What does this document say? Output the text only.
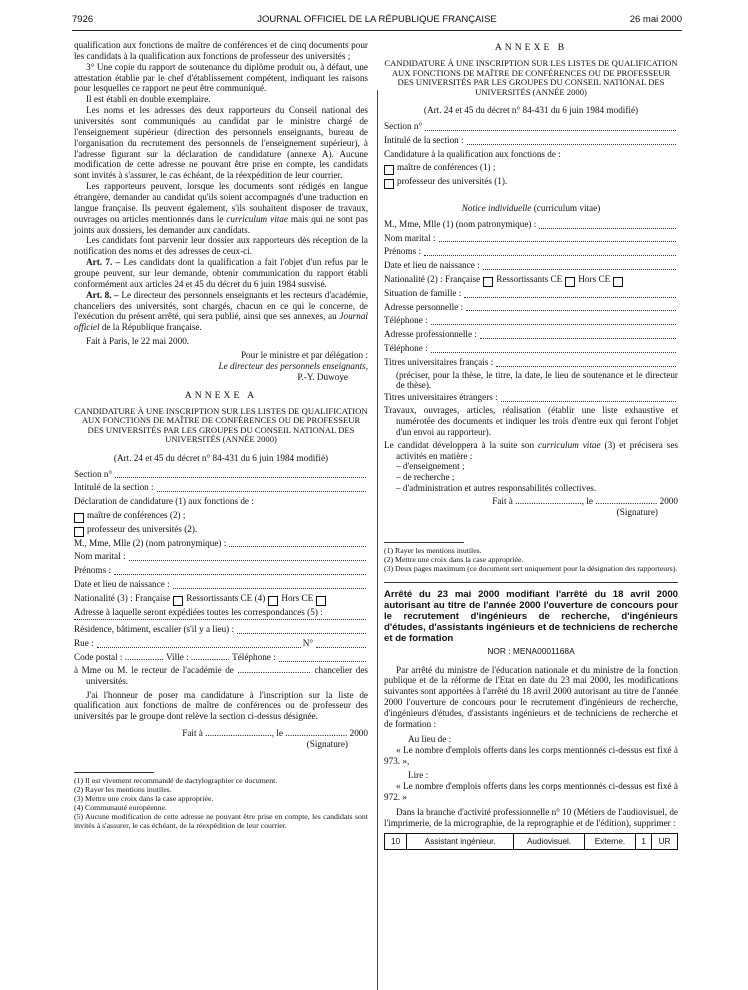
7926	JOURNAL OFFICIEL DE LA RÉPUBLIQUE FRANÇAISE	26 mai 2000

qualification aux fonctions de maître de conférences et de cinq documents pour les candidats à la qualification aux fonctions de professeur des universités ;

3° Une copie du rapport de soutenance du diplôme produit ou, à défaut, une attestation établie par le chef d'établissement compétent, indiquant les raisons pour lesquelles ce rapport ne peut être communiqué.

Il est établi en double exemplaire.

Les noms et les adresses des deux rapporteurs du Conseil national des universités sont communiqués au candidat par le ministre chargé de l'enseignement supérieur (direction des personnels enseignants, bureau de l'organisation du recrutement des personnels de l'enseignement supérieur), à l'adresse figurant sur la déclaration de candidature (annexe A). Aucune modification de cette adresse ne pouvant être prise en compte, les candidats sont invités à s'assurer, le cas échéant, de la réexpédition de leur courrier.

Les rapporteurs peuvent, lorsque les documents sont rédigés en langue étrangère, demander au candidat qu'ils soient accompagnés d'une traduction en langue française. Ils peuvent également, s'ils souhaitent disposer de travaux, ouvrages ou articles mentionnés dans le curriculum vitae mais qui ne sont pas joints aux dossiers, les demander aux candidats.

Les candidats font parvenir leur dossier aux rapporteurs dès réception de la notification des noms et des adresses de ceux-ci.

Art. 7. – Les candidats dont la qualification a fait l'objet d'un refus par le groupe peuvent, sur leur demande, obtenir communication du rapport établi conformément aux articles 24 et 45 du décret du 6 juin 1984 susvisé.

Art. 8. – Le directeur des personnels enseignants et les recteurs d'académie, chanceliers des universités, sont chargés, chacun en ce qui le concerne, de l'exécution du présent arrêté, qui sera publié, ainsi que ses annexes, au Journal officiel de la République française.

Fait à Paris, le 22 mai 2000.

Pour le ministre et par délégation :

Le directeur des personnels enseignants,

P.-Y. Duwoye

ANNEXE A
CANDIDATURE À UNE INSCRIPTION SUR LES LISTES DE QUALIFICATION AUX FONCTIONS DE MAÎTRE DE CONFÉRENCES OU DE PROFESSEUR DES UNIVERSITÉS PAR LES GROUPES DU CONSEIL NATIONAL DES UNIVERSITÉS (ANNÉE 2000)

(Art. 24 et 45 du décret n° 84-431 du 6 juin 1984 modifié)

Section n°
Intitulé de la section :
Déclaration de candidature (1) aux fonctions de :
maître de conférences (2) ;
professeur des universités (2).
M., Mme, Mlle (2) (nom patronymique) :
Nom marital :
Prénoms :
Date et lieu de naissance :
Nationalité (3) : Française Ressortissants CE (4) Hors CE
Adresse à laquelle seront expédiées toutes les correspondances (5) :
Résidence, bâtiment, escalier (s'il y a lieu) :
Rue :	N°
Code postal : ................. Ville : ................. Téléphone :

à Mme ou M. le recteur de l'académie de ................................ chancelier des universités.

J'ai l'honneur de poser ma candidature à l'inscription sur la liste de qualification aux fonctions de maître de conférences ou de professeur des universités par le groupe dont relève la section ci-dessus désignée.

Fait à ............................., le ........................... 2000

(Signature)

(1) Il est vivement recommandé de dactylographier ce document.

(2) Rayer les mentions inutiles.

(3) Mettre une croix dans la case appropriée.

(4) Communauté européenne.

(5) Aucune modification de cette adresse ne pouvant être prise en compte, les candidats sont invités à s'assurer, le cas échéant, de la réexpédition de leur courrier.

ANNEXE B
CANDIDATURE À UNE INSCRIPTION SUR LES LISTES DE QUALIFICATION AUX FONCTIONS DE MAÎTRE DE CONFÉRENCES OU DE PROFESSEUR DES UNIVERSITÉS PAR LES GROUPES DU CONSEIL NATIONAL DES UNIVERSITÉS (ANNÉE 2000)

(Art. 24 et 45 du décret n° 84-431 du 6 juin 1984 modifié)

Section n°
Intitulé de la section :
Candidature à la qualification aux fonctions de :
maître de conférences (1) ;
professeur des universités (1).

Notice individuelle (curriculum vitae)

M., Mme, Mlle (1) (nom patronymique) :
Nom marital :
Prénoms :
Date et lieu de naissance :
Nationalité (2) : Française Ressortissants CE Hors CE
Situation de famille :
Adresse personnelle :
Téléphone :
Adresse professionnelle :
Téléphone :
Titres universitaires français :

(préciser, pour la thèse, le titre, la date, le lieu de soutenance et le directeur de thèse).

Titres universitaires étrangers :

Travaux, ouvrages, articles, réalisation (établir une liste exhaustive et numérotée des documents et indiquer les trois d'entre eux qui feront l'objet d'un envoi au rapporteur).

Le candidat développera à la suite son curriculum vitae (3) et précisera ses activités en matière :

– d'enseignement ;

– de recherche ;

– d'administration et autres responsabilités collectives.

Fait à ............................., le ........................... 2000

(Signature)

(1) Rayer les mentions inutiles.

(2) Mettre une croix dans la case appropriée.

(3) Deux pages maximum (ce document sert uniquement pour la désignation des rapporteurs).

Arrêté du 23 mai 2000 modifiant l'arrêté du 18 avril 2000 autorisant au titre de l'année 2000 l'ouverture de concours pour le recrutement d'ingénieurs de recherche, d'ingénieurs d'études, d'assistants ingénieurs et de techniciens de recherche et de formation

NOR : MENA0001168A

Par arrêté du ministre de l'éducation nationale et du ministre de la fonction publique et de la réforme de l'Etat en date du 23 mai 2000, les modifications suivantes sont apportées à l'arrêté du 18 avril 2000 autorisant au titre de l'année 2000 l'ouverture de concours pour le recrutement d'ingénieurs de recherche, d'ingénieurs d'études, d'assistants ingénieurs et de techniciens de recherche et de formation :

Au lieu de :

« Le nombre d'emplois offerts dans les corps mentionnés ci-dessus est fixé à 973. »,

Lire :

« Le nombre d'emplois offerts dans les corps mentionnés ci-dessus est fixé à 972. »

Dans la branche d'activité professionnelle n° 10 (Métiers de l'audiovisuel, de l'imprimerie, de la micrographie, de la reprographie et de l'édition), supprimer :

10	Assistant ingénieur.	Audiovisuel.	Externe.	1	UR
